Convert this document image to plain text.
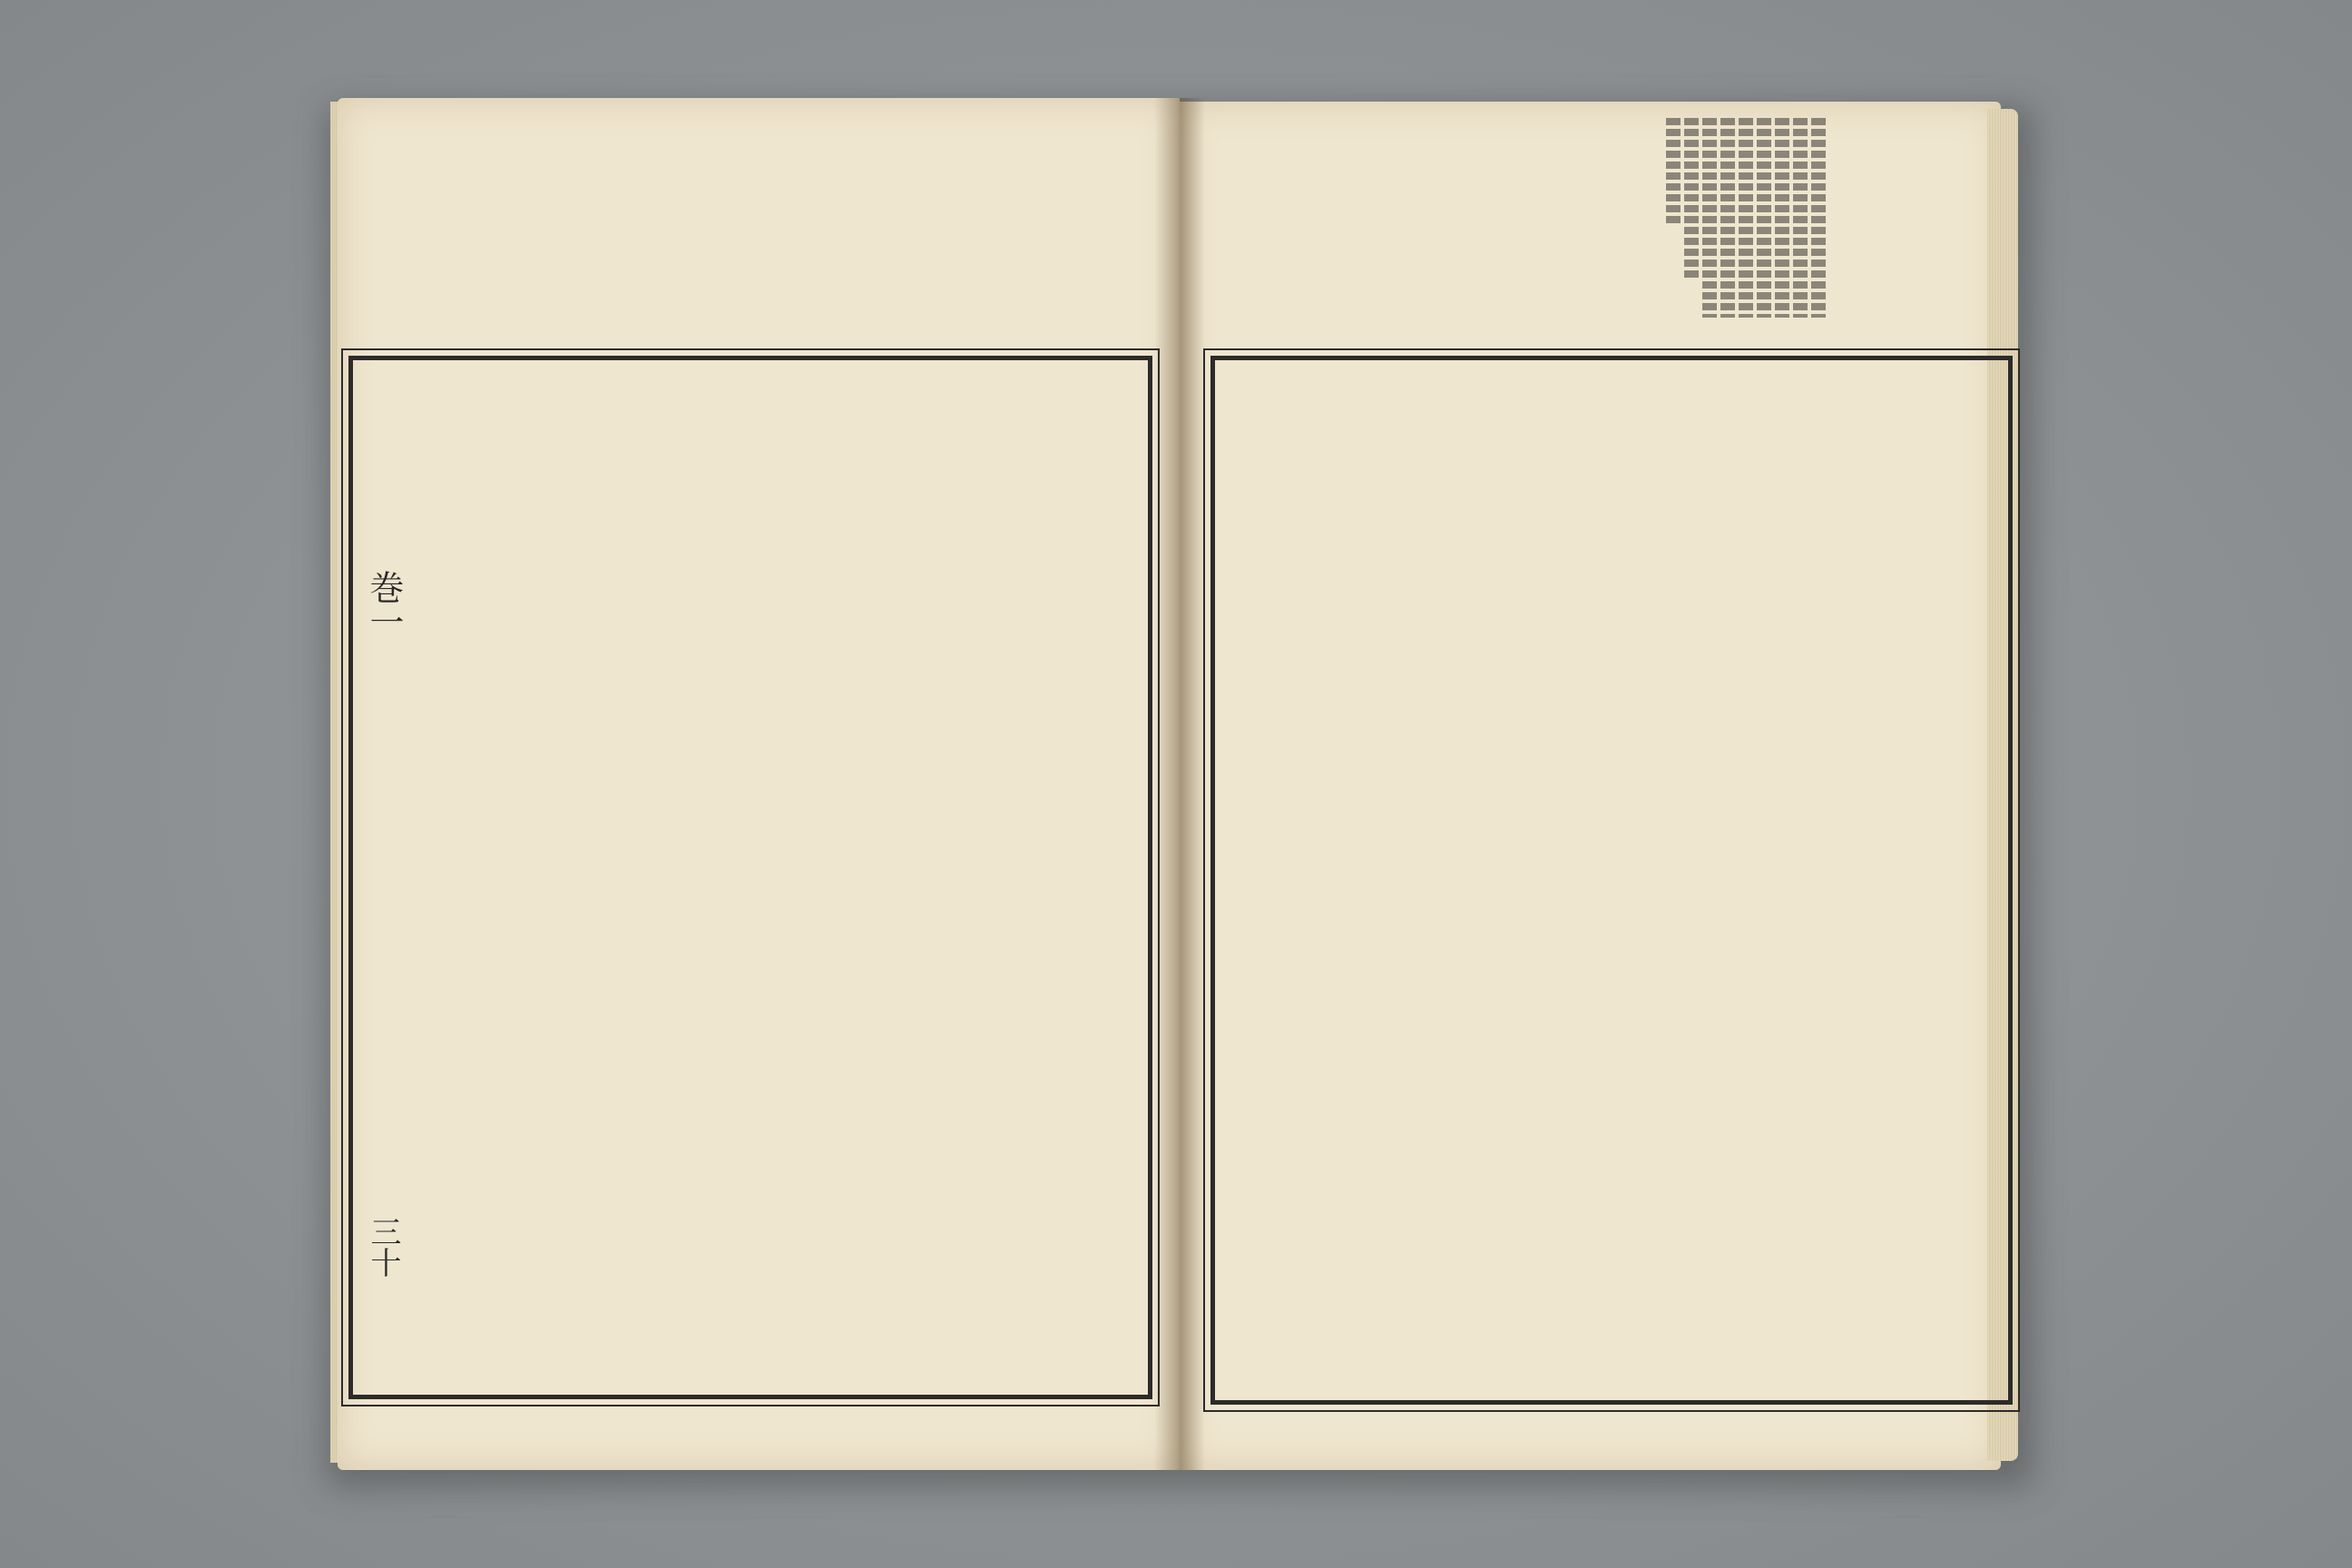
巻一
三十
